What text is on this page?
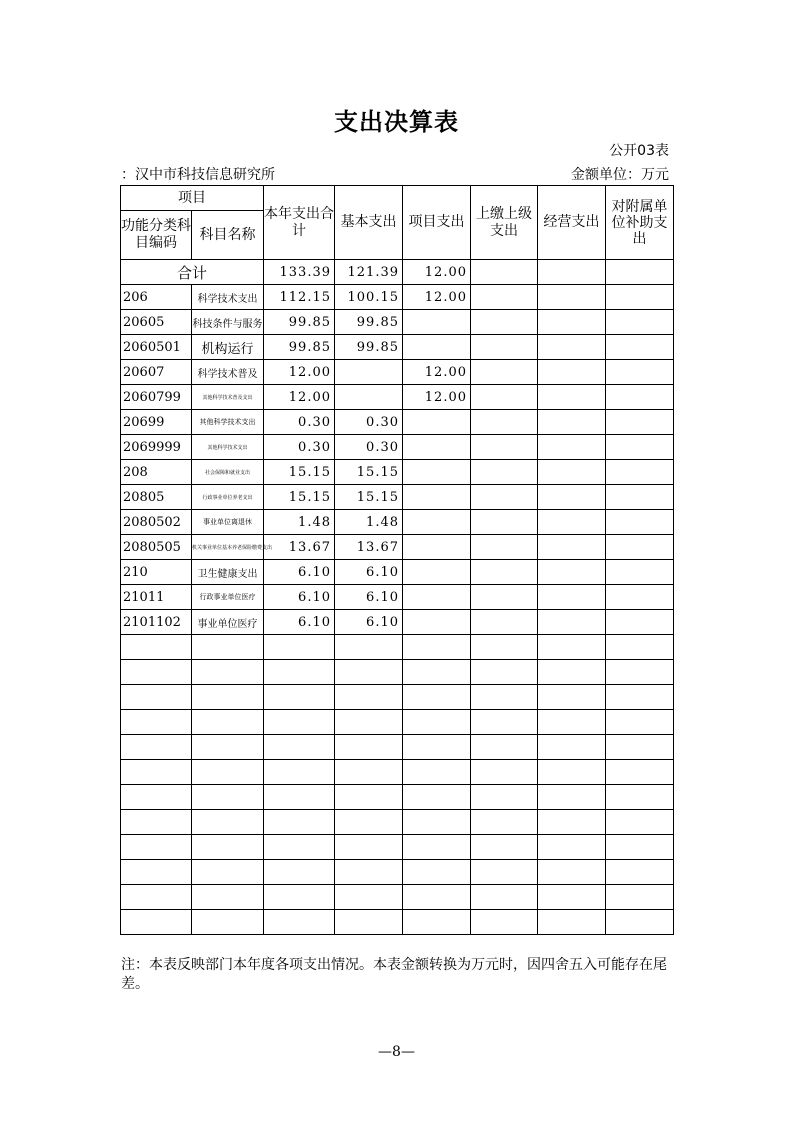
支出决算表
公开03表
：汉中市科技信息研究所	金额单位：万元
项目		本年支出合计	基本支出	项目支出	上缴上级支出	经营支出	对附属单位补助支出
功能分类科目编码	科目名称						
合计		133.39	121.39	12.00			
206	科学技术支出	112.15	100.15	12.00			
20605	科技条件与服务	99.85	99.85				
2060501	机构运行	99.85	99.85				
20607	科学技术普及	12.00		12.00			
2060799	其他科学技术普及支出	12.00		12.00			
20699	其他科学技术支出	0.30	0.30				
2069999	其他科学技术支出	0.30	0.30				
208	社会保障和就业支出	15.15	15.15				
20805	行政事业单位养老支出	15.15	15.15				
2080502	事业单位离退休	1.48	1.48				
2080505	机关事业单位基本养老保险缴费支出	13.67	13.67				
210	卫生健康支出	6.10	6.10				
21011	行政事业单位医疗	6.10	6.10				
2101102	事业单位医疗	6.10	6.10				

注：本表反映部门本年度各项支出情况。本表金额转换为万元时，因四舍五入可能存在尾差。
—8—
